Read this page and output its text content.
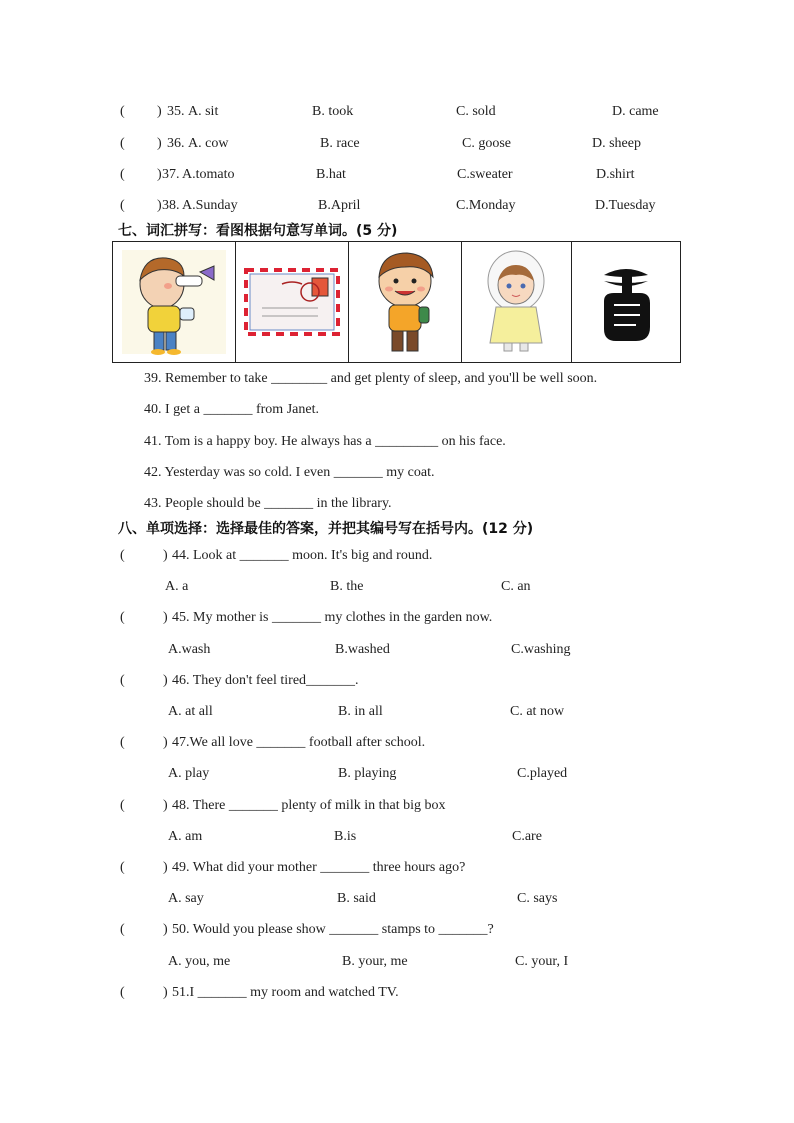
( ) 35. A. sit	B. took	C. sold	D. came
( ) 36. A. cow	B. race	C. goose	D. sheep
( ) 37. A.tomato	B.hat	C.sweater	D.shirt
( ) 38. A.Sunday	B.April	C.Monday	D.Tuesday
七、词汇拼写：看图根据句意写单词。(5 分)

39. Remember to take ________ and get plenty of sleep, and you'll be well soon.
40. I get a _______ from Janet.
41. Tom is a happy boy. He always has a _________ on his face.
42. Yesterday was so cold. I even _______ my coat.
43. People should be _______ in the library.
八、单项选择：选择最佳的答案，并把其编号写在括号内。(12 分)
(	) 44. Look at _______ moon. It's big and round.
A. a	B. the	C. an
(	) 45. My mother is _______ my clothes in the garden now.
A.wash	B.washed	C.washing
(	) 46. They don't feel tired_______.
A. at all	B. in all	C. at now
(	) 47.We all love _______ football after school.
A. play	B. playing	C.played
(	) 48. There _______ plenty of milk in that big box
A. am	B.is	C.are
(	) 49. What did your mother _______ three hours ago?
A. say	B. said	C. says
(	) 50. Would you please show _______ stamps to _______?
A. you, me	B. your, me	C. your, I
(	) 51.I _______ my room and watched TV.
